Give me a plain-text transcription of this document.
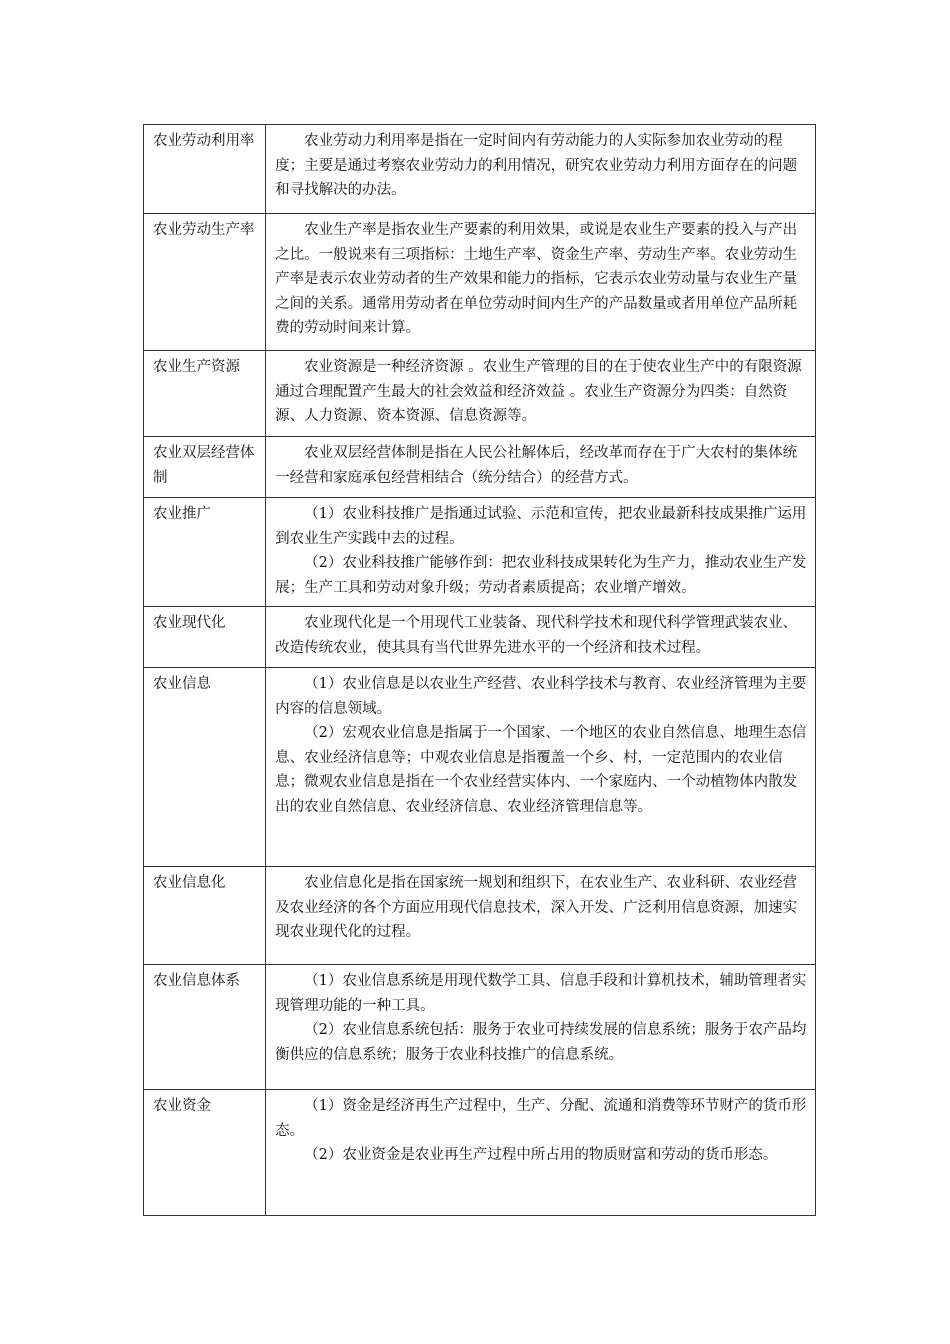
农业劳动利用率	农业劳动力利用率是指在一定时间内有劳动能力的人实际参加农业劳动的程度；主要是通过考察农业劳动力的利用情况，研究农业劳动力利用方面存在的问题和寻找解决的办法。

农业劳动生产率	农业生产率是指农业生产要素的利用效果，或说是农业生产要素的投入与产出之比。一般说来有三项指标：土地生产率、资金生产率、劳动生产率。农业劳动生产率是表示农业劳动者的生产效果和能力的指标，它表示农业劳动量与农业生产量之间的关系。通常用劳动者在单位劳动时间内生产的产品数量或者用单位产品所耗费的劳动时间来计算。

农业生产资源	农业资源是一种经济资源 。农业生产管理的目的在于使农业生产中的有限资源通过合理配置产生最大的社会效益和经济效益 。农业生产资源分为四类：自然资源、人力资源、资本资源、信息资源等。

农业双层经营体制	农业双层经营体制是指在人民公社解体后，经改革而存在于广大农村的集体统一经营和家庭承包经营相结合（统分结合）的经营方式。

农业推广	（1）农业科技推广是指通过试验、示范和宣传，把农业最新科技成果推广运用到农业生产实践中去的过程。

（2）农业科技推广能够作到：把农业科技成果转化为生产力，推动农业生产发展；生产工具和劳动对象升级；劳动者素质提高；农业增产增效。

农业现代化	农业现代化是一个用现代工业装备、现代科学技术和现代科学管理武装农业、改造传统农业，使其具有当代世界先进水平的一个经济和技术过程。

农业信息	（1）农业信息是以农业生产经营、农业科学技术与教育、农业经济管理为主要内容的信息领域。

（2）宏观农业信息是指属于一个国家、一个地区的农业自然信息、地理生态信息、农业经济信息等；中观农业信息是指覆盖一个乡、村，一定范围内的农业信息；微观农业信息是指在一个农业经营实体内、一个家庭内、一个动植物体内散发出的农业自然信息、农业经济信息、农业经济管理信息等。

农业信息化	农业信息化是指在国家统一规划和组织下，在农业生产、农业科研、农业经营及农业经济的各个方面应用现代信息技术，深入开发、广泛利用信息资源，加速实现农业现代化的过程。

农业信息体系	（1）农业信息系统是用现代数学工具、信息手段和计算机技术，辅助管理者实现管理功能的一种工具。

（2）农业信息系统包括：服务于农业可持续发展的信息系统；服务于农产品均衡供应的信息系统；服务于农业科技推广的信息系统。

农业资金	（1）资金是经济再生产过程中，生产、分配、流通和消费等环节财产的货币形态。

（2）农业资金是农业再生产过程中所占用的物质财富和劳动的货币形态。
